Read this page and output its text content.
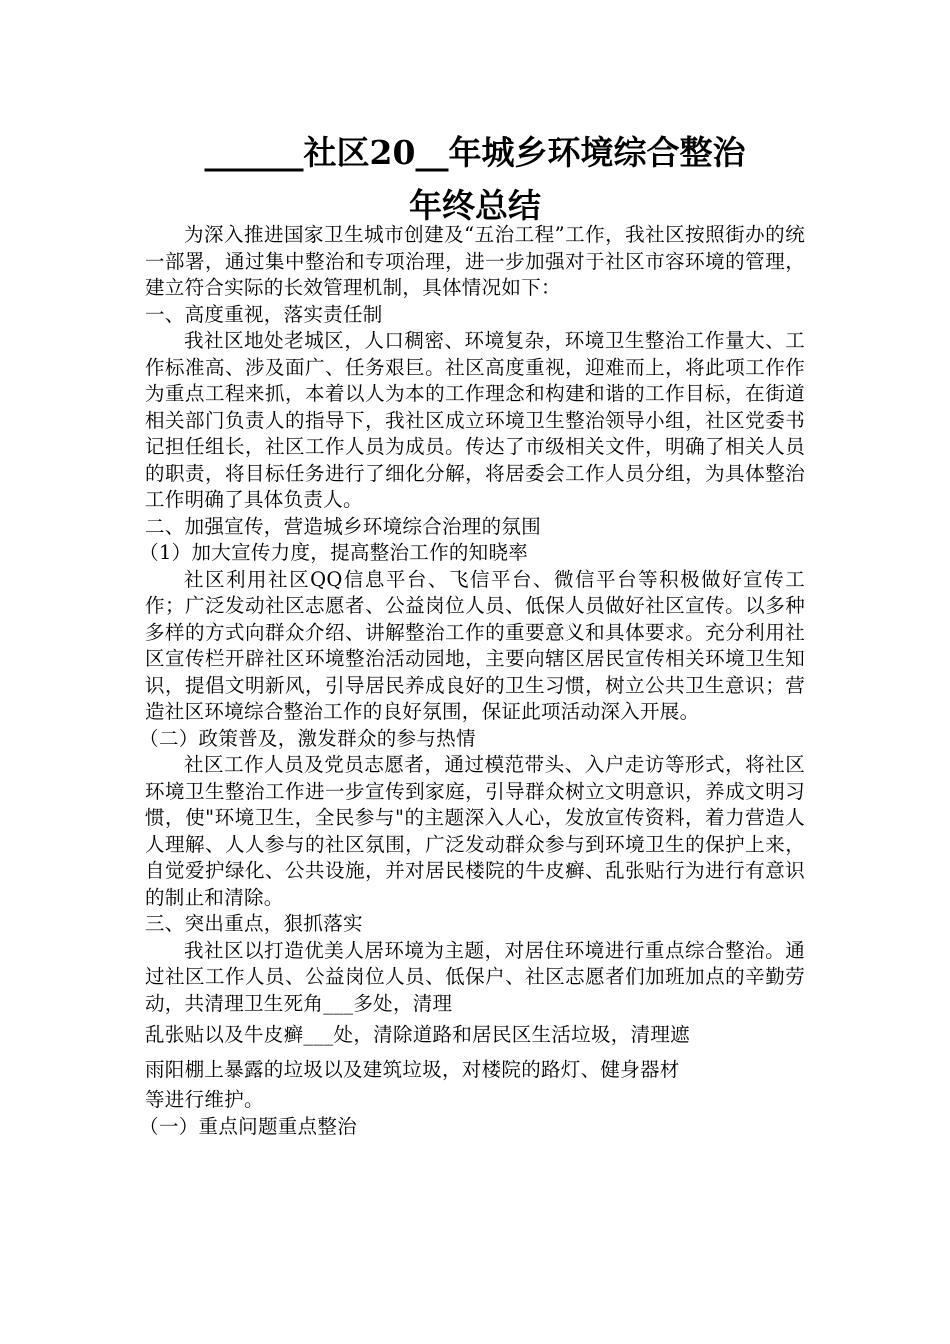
______社区20__年城乡环境综合整治
年终总结

为深入推进国家卫生城市创建及“五治工程”工作，我社区按照街办的统一部署，通过集中整治和专项治理，进一步加强对于社区市容环境的管理，建立符合实际的长效管理机制，具体情况如下：

一、高度重视，落实责任制

我社区地处老城区，人口稠密、环境复杂，环境卫生整治工作量大、工作标准高、涉及面广、任务艰巨。社区高度重视，迎难而上，将此项工作作为重点工程来抓，本着以人为本的工作理念和构建和谐的工作目标，在街道相关部门负责人的指导下，我社区成立环境卫生整治领导小组，社区党委书记担任组长，社区工作人员为成员。传达了市级相关文件，明确了相关人员的职责，将目标任务进行了细化分解，将居委会工作人员分组，为具体整治工作明确了具体负责人。

二、加强宣传，营造城乡环境综合治理的氛围

（1）加大宣传力度，提高整治工作的知晓率

社区利用社区QQ信息平台、飞信平台、微信平台等积极做好宣传工作；广泛发动社区志愿者、公益岗位人员、低保人员做好社区宣传。以多种多样的方式向群众介绍、讲解整治工作的重要意义和具体要求。充分利用社区宣传栏开辟社区环境整治活动园地，主要向辖区居民宣传相关环境卫生知识，提倡文明新风，引导居民养成良好的卫生习惯，树立公共卫生意识；营造社区环境综合整治工作的良好氛围，保证此项活动深入开展。

（二）政策普及，激发群众的参与热情

社区工作人员及党员志愿者，通过模范带头、入户走访等形式，将社区环境卫生整治工作进一步宣传到家庭，引导群众树立文明意识，养成文明习惯，使"环境卫生，全民参与"的主题深入人心，发放宣传资料，着力营造人人理解、人人参与的社区氛围，广泛发动群众参与到环境卫生的保护上来，自觉爱护绿化、公共设施，并对居民楼院的牛皮癣、乱张贴行为进行有意识的制止和清除。

三、突出重点，狠抓落实

我社区以打造优美人居环境为主题，对居住环境进行重点综合整治。通过社区工作人员、公益岗位人员、低保户、社区志愿者们加班加点的辛勤劳动，共清理卫生死角___多处，清理

乱张贴以及牛皮癣___处，清除道路和居民区生活垃圾，清理遮

雨阳棚上暴露的垃圾以及建筑垃圾，对楼院的路灯、健身器材

等进行维护。

（一）重点问题重点整治
